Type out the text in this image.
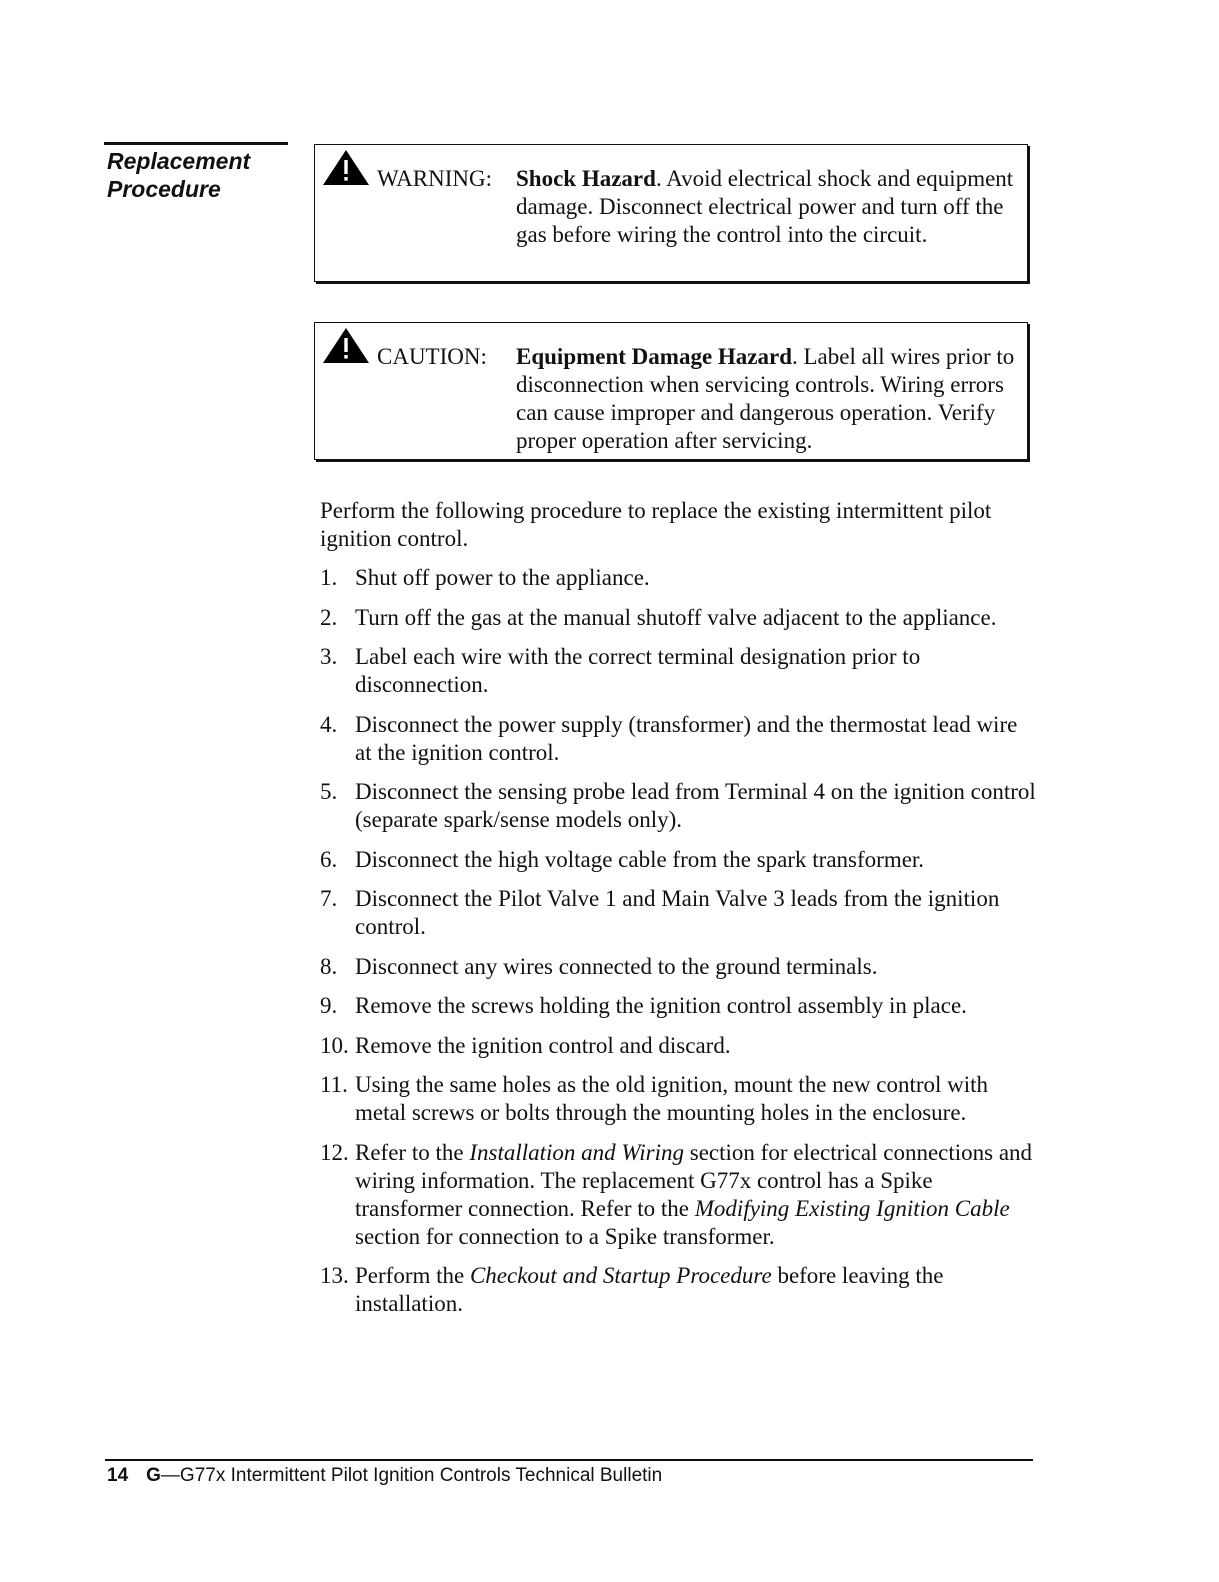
Replacement
Procedure	WARNING: Shock Hazard. Avoid electrical shock and equipment damage. Disconnect electrical power and turn off the gas before wiring the control into the circuit.
CAUTION: Equipment Damage Hazard. Label all wires prior to disconnection when servicing controls. Wiring errors can cause improper and dangerous operation. Verify proper operation after servicing.

Perform the following procedure to replace the existing intermittent pilot ignition control.

1. Shut off power to the appliance.
2. Turn off the gas at the manual shutoff valve adjacent to the appliance.
3. Label each wire with the correct terminal designation prior to disconnection.
4. Disconnect the power supply (transformer) and the thermostat lead wire at the ignition control.
5. Disconnect the sensing probe lead from Terminal 4 on the ignition control (separate spark/sense models only).
6. Disconnect the high voltage cable from the spark transformer.
7. Disconnect the Pilot Valve 1 and Main Valve 3 leads from the ignition control.
8. Disconnect any wires connected to the ground terminals.
9. Remove the screws holding the ignition control assembly in place.
10. Remove the ignition control and discard.
11. Using the same holes as the old ignition, mount the new control with metal screws or bolts through the mounting holes in the enclosure.
12. Refer to the Installation and Wiring section for electrical connections and wiring information. The replacement G77x control has a Spike transformer connection. Refer to the Modifying Existing Ignition Cable section for connection to a Spike transformer.
13. Perform the Checkout and Startup Procedure before leaving the installation.
14 G—G77x Intermittent Pilot Ignition Controls Technical Bulletin
